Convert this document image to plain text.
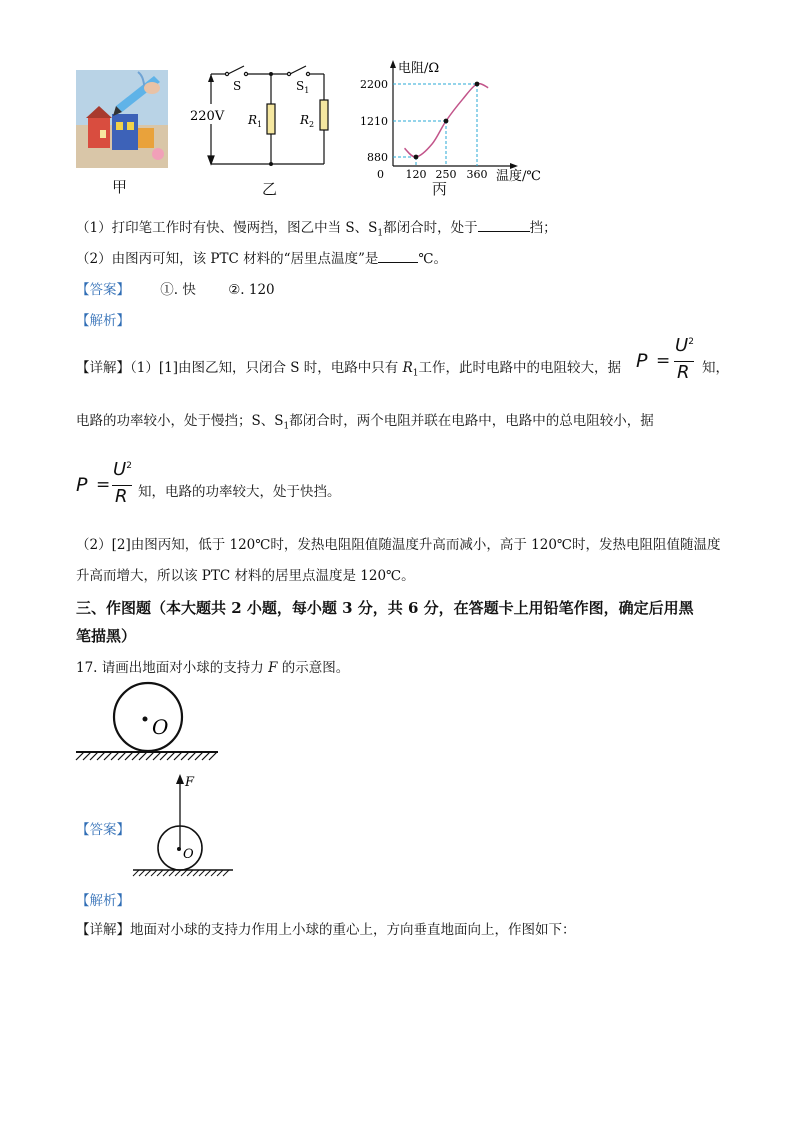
甲
220V
S	$S_1$
$R_1$	$R_2$
乙
120 250 360
880
1210
2200
电阻/Ω
温度/℃
0
丙
（1）打印笔工作时有快、慢两挡，图乙中当 S、$S_1$都闭合时，处于	挡；
（2）由图丙可知，该 PTC 材料的“居里点温度”是	℃。
【答案】 ①. 快 ②. 120
【解析】
【详解】（1）[1]由图乙知，只闭合 S 时，电路中只有 $R_1$工作，此时电路中的电阻较大，据 P =
$U^2$
R 知，
电路的功率较小，处于慢挡；S、$S_1$都闭合时，两个电阻并联在电路中，电路中的总电阻较小，据
P =
$U^2$
R 知，电路的功率较大，处于快挡。
（2）[2]由图丙知，低于 120℃时，发热电阻阻值随温度升高而减小，高于 120℃时，发热电阻阻值随温度
升高而增大，所以该 PTC 材料的居里点温度是 120℃。
三、作图题（本大题共 2 小题，每小题 3 分，共 6 分，在答题卡上用铅笔作图，确定后用黑
笔描黑）
17. 请画出地面对小球的支持力 F 的示意图。
O
【答案】
F
O
【解析】
【详解】地面对小球的支持力作用上小球的重心上，方向垂直地面向上，作图如下：
